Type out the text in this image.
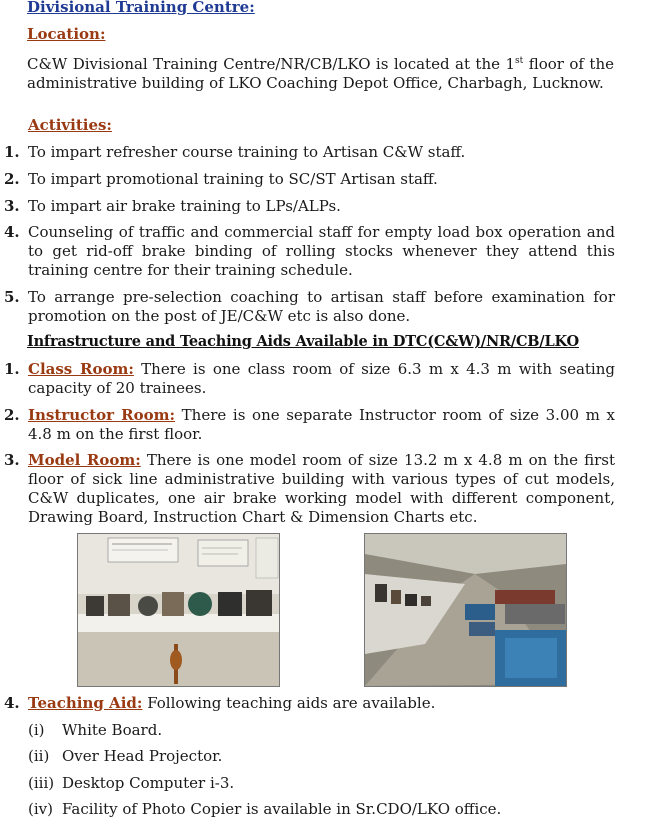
Divisional Training Centre:
Location:
C&W Divisional Training Centre/NR/CB/LKO is located at the 1st floor of the administrative building of LKO Coaching Depot Office, Charbagh, Lucknow.
Activities:
1. To impart refresher course training to Artisan C&W staff.
2. To impart promotional training to SC/ST Artisan staff.
3. To impart air brake training to LPs/ALPs.
4. Counseling of traffic and commercial staff for empty load box operation and to get rid-off brake binding of rolling stocks whenever they attend this training centre for their training schedule.
5. To arrange pre-selection coaching to artisan staff before examination for promotion on the post of JE/C&W etc is also done.
Infrastructure and Teaching Aids Available in DTC(C&W)/NR/CB/LKO
1. Class Room: There is one class room of size 6.3 m x 4.3 m with seating capacity of 20 trainees.
2. Instructor Room: There is one separate Instructor room of size 3.00 m x 4.8 m on the first floor.
3. Model Room: There is one model room of size 13.2 m x 4.8 m on the first floor of sick line administrative building with various types of cut models, C&W duplicates, one air brake working model with different component, Drawing Board, Instruction Chart & Dimension Charts etc.
4. Teaching Aid: Following teaching aids are available.
(i) White Board.
(ii) Over Head Projector.
(iii) Desktop Computer i-3.
(iv) Facility of Photo Copier is available in Sr.CDO/LKO office.
